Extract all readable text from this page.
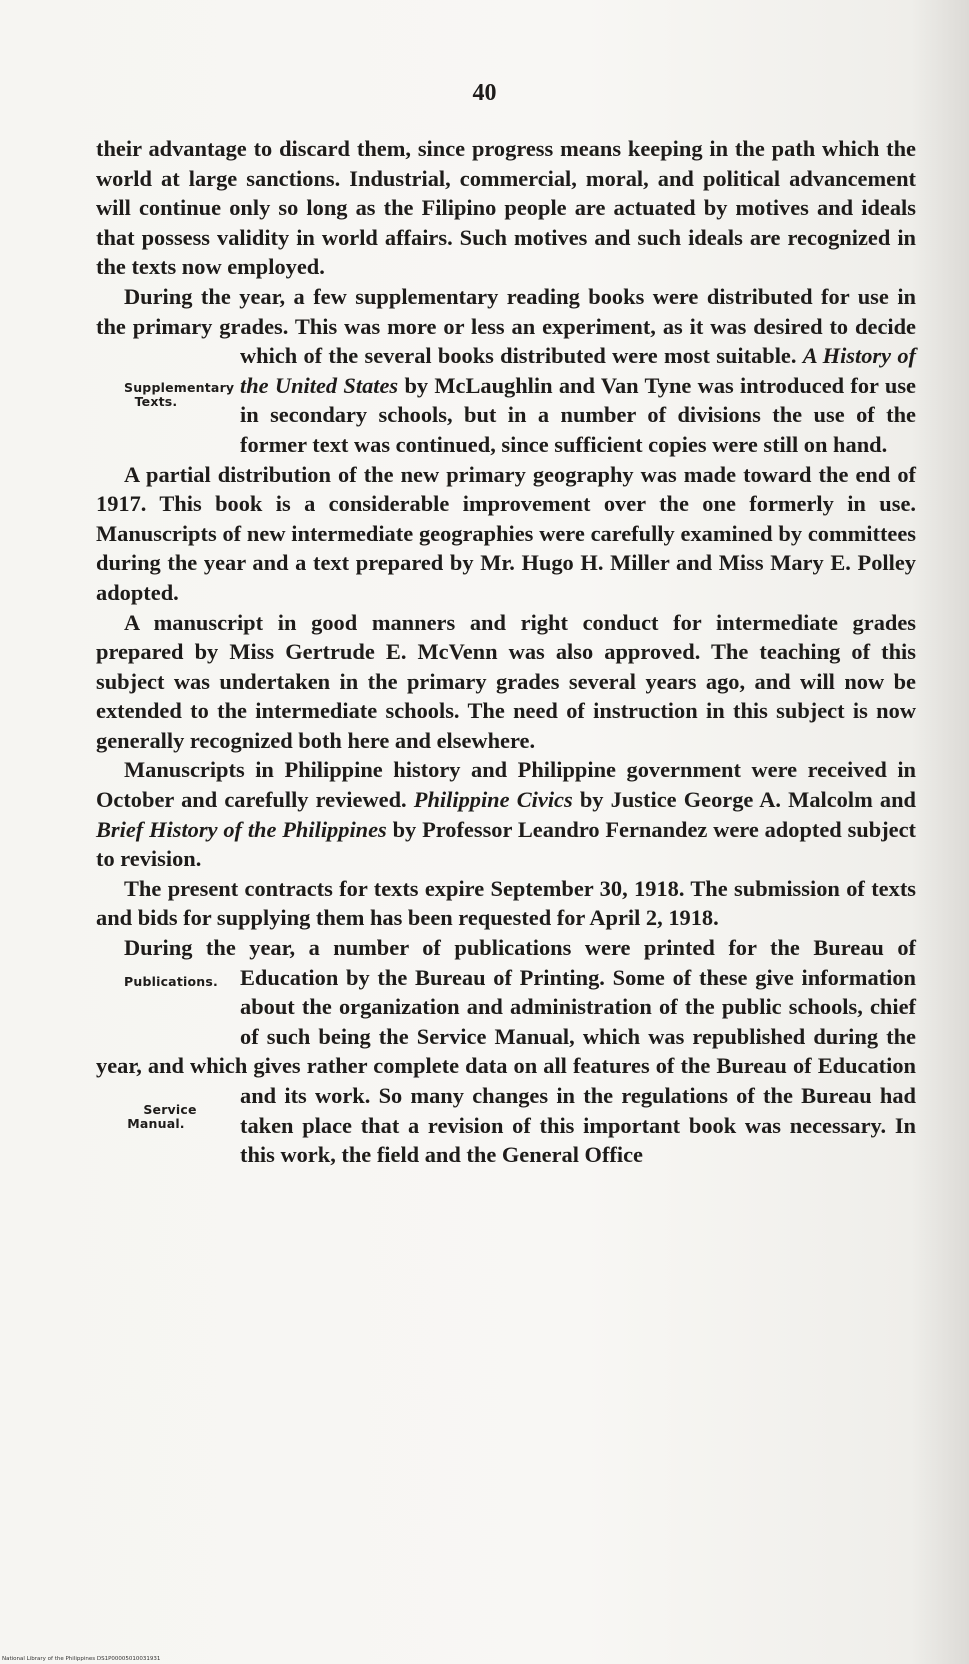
40

their advantage to discard them, since progress means keeping in the path which the world at large sanctions. Industrial, commercial, moral, and political advancement will continue only so long as the Filipino people are actuated by motives and ideals that possess validity in world affairs. Such motives and such ideals are recognized in the texts now employed.

During the year, a few supplementary reading books were distributed for use in the primary grades. This was more or less an experiment, as it was desired to decide which of the
Supplementary
Texts.
several books distributed were most suitable. A History of the United States by McLaughlin and Van Tyne was introduced for use in secondary schools, but in a number of divisions the use of the former text was continued, since sufficient copies were still on hand.

A partial distribution of the new primary geography was made toward the end of 1917. This book is a considerable improvement over the one formerly in use. Manuscripts of new intermediate geographies were carefully examined by committees during the year and a text prepared by Mr. Hugo H. Miller and Miss Mary E. Polley adopted.

A manuscript in good manners and right conduct for intermediate grades prepared by Miss Gertrude E. McVenn was also approved. The teaching of this subject was undertaken in the primary grades several years ago, and will now be extended to the intermediate schools. The need of instruction in this subject is now generally recognized both here and elsewhere.

Manuscripts in Philippine history and Philippine government were received in October and carefully reviewed. Philippine Civics by Justice George A. Malcolm and Brief History of the Philippines by Professor Leandro Fernandez were adopted subject to revision.

The present contracts for texts expire September 30, 1918. The submission of texts and bids for supplying them has been requested for April 2, 1918.

During the year, a number of publications were printed for the Bureau of Education by the Bureau of Printing. Some of these
Publications.	give information about the organization and administration of the public schools, chief of such being the Service Manual, which was republished during the year, and which gives rather complete data on all features of the Bureau of Education and its work. So many changes in the
Service
Manual.
regulations of the Bureau had taken place that a revision of this important book was necessary. In this work, the field and the General Office

National Library of the Philippines DS1P00005010031931
